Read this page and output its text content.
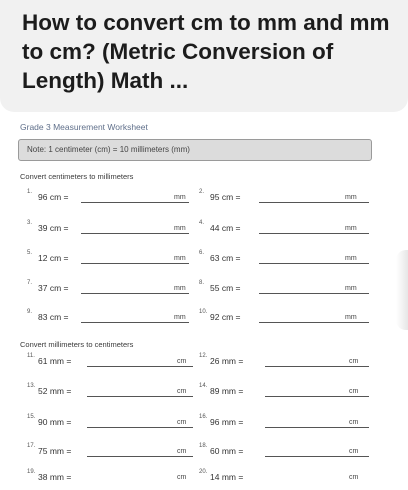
How to convert cm to mm and mm to cm? (Metric Conversion of Length) Math ...
Grade 3 Measurement Worksheet
Note: 1 centimeter (cm) = 10 millimeters (mm)
Convert centimeters to millimeters
1. 96 cm =	mm
2. 95 cm =	mm
3. 39 cm =	mm
4. 44 cm =	mm
5. 12 cm =	mm
6. 63 cm =	mm
7. 37 cm =	mm
8. 55 cm =	mm
9. 83 cm =	mm
10. 92 cm =	mm
Convert millimeters to centimeters
11. 61 mm =	cm
12. 26 mm =	cm
13. 52 mm =	cm
14. 89 mm =	cm
15. 90 mm =	cm
16. 96 mm =	cm
17. 75 mm =	cm
18. 60 mm =	cm
19. 38 mm =	cm
20. 14 mm =	cm
